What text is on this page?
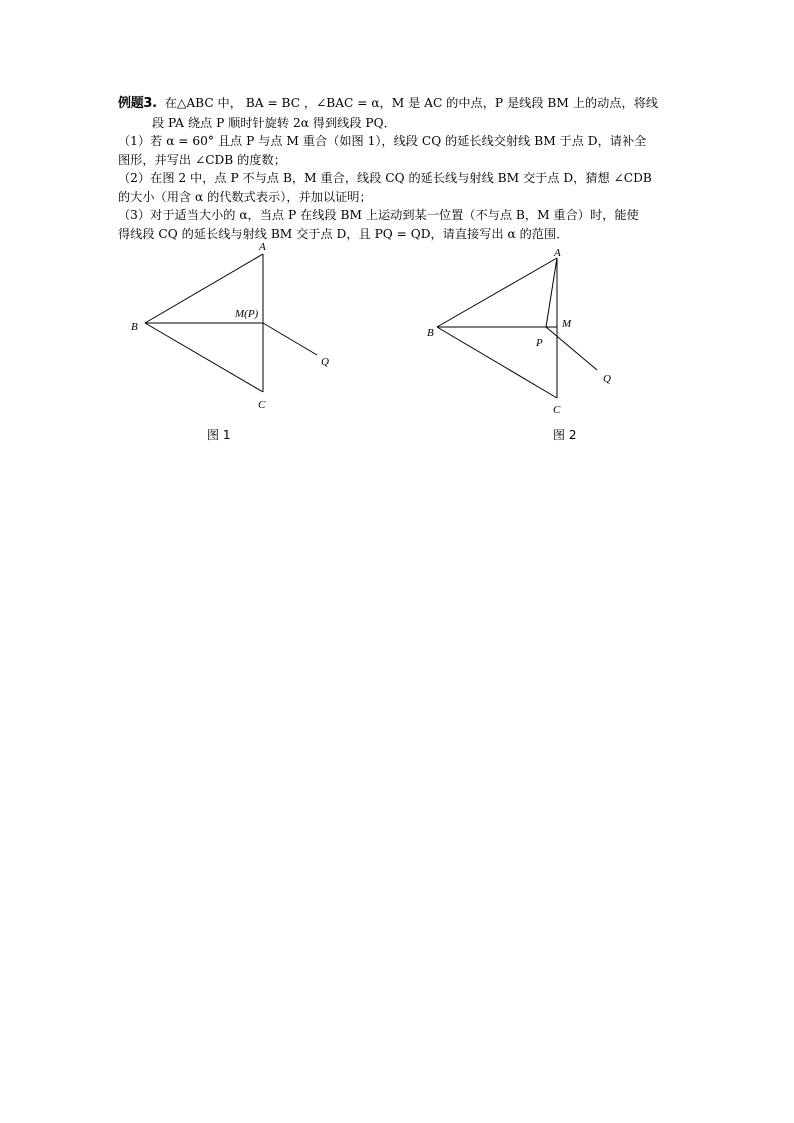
例题3. 在△ABC 中， BA = BC ，∠BAC = α，M 是 AC 的中点，P 是线段 BM 上的动点，将线

段 PA 绕点 P 顺时针旋转 2α 得到线段 PQ．

（1）若 α = 60° 且点 P 与点 M 重合（如图 1），线段 CQ 的延长线交射线 BM 于点 D，请补全

图形，并写出 ∠CDB 的度数；

（2）在图 2 中，点 P 不与点 B，M 重合，线段 CQ 的延长线与射线 BM 交于点 D，猜想 ∠CDB

的大小（用含 α 的代数式表示），并加以证明；

（3）对于适当大小的 α，当点 P 在线段 BM 上运动到某一位置（不与点 B，M 重合）时，能使

得线段 CQ 的延长线与射线 BM 交于点 D，且 PQ = QD，请直接写出 α 的范围．

A
B
C
M(P)
Q
图 1
A
B
C
M
P
Q
图 2
